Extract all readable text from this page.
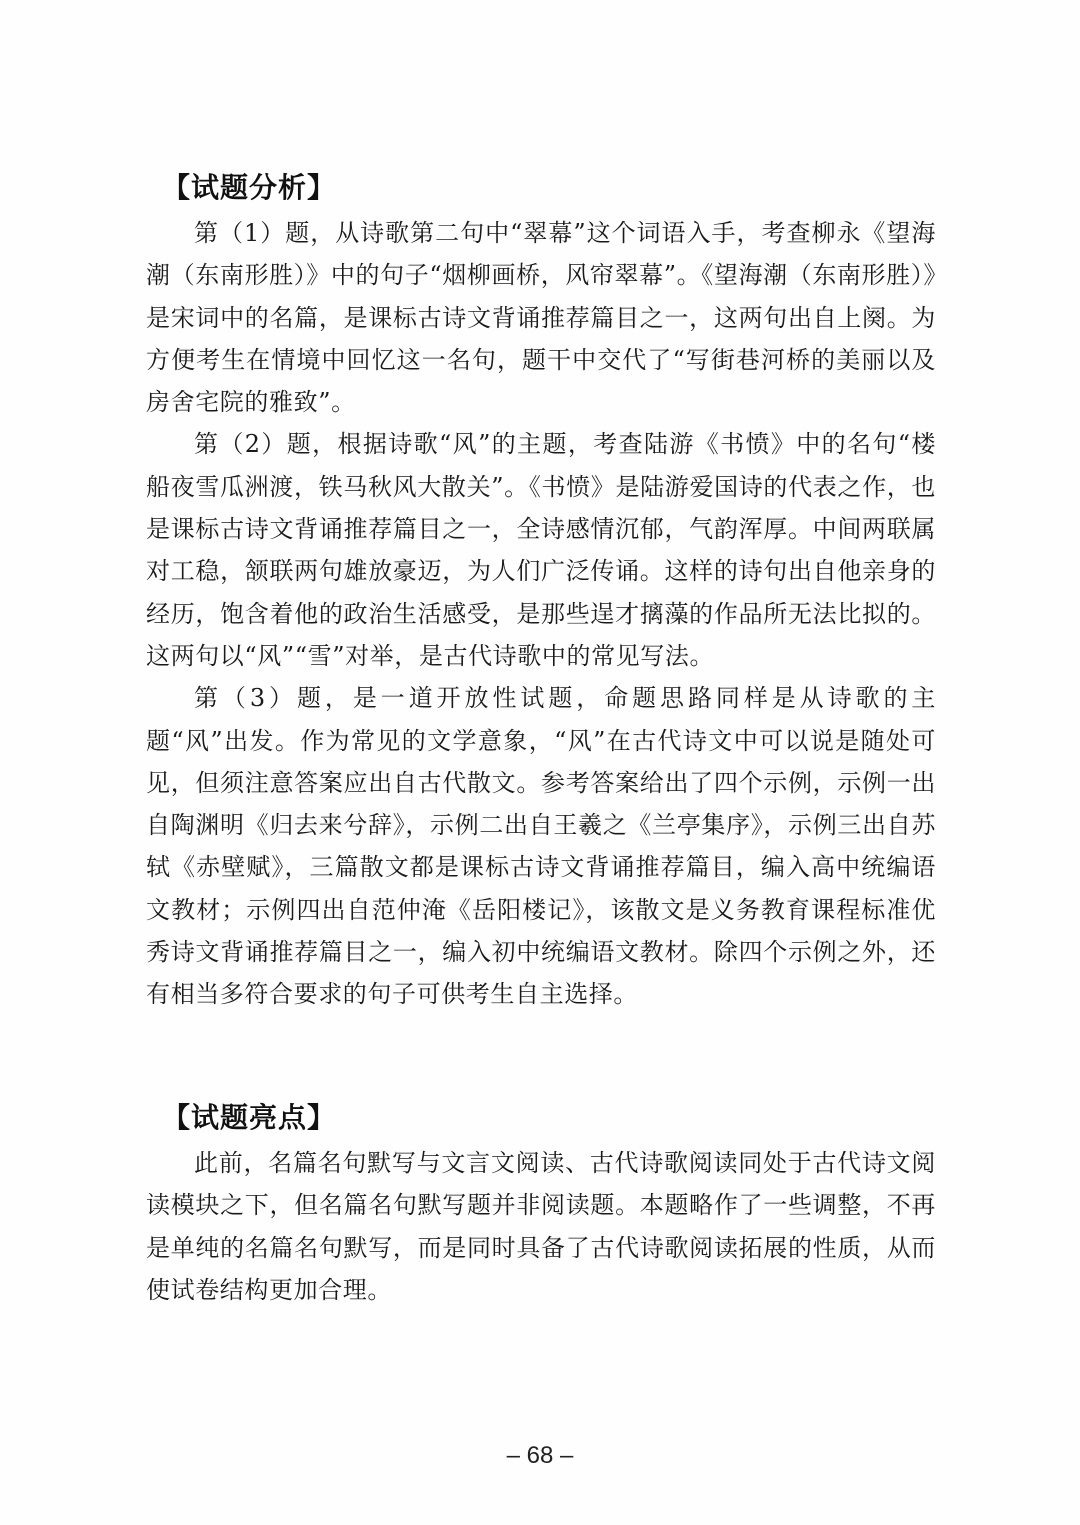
【试题分析】

第（1）题，从诗歌第二句中“翠幕”这个词语入手，考查柳永《望海潮（东南形胜）》中的句子“烟柳画桥，风帘翠幕”。《望海潮（东南形胜）》是宋词中的名篇，是课标古诗文背诵推荐篇目之一，这两句出自上阕。为方便考生在情境中回忆这一名句，题干中交代了“写街巷河桥的美丽以及房舍宅院的雅致”。

第（2）题，根据诗歌“风”的主题，考查陆游《书愤》中的名句“楼船夜雪瓜洲渡，铁马秋风大散关”。《书愤》是陆游爱国诗的代表之作，也是课标古诗文背诵推荐篇目之一，全诗感情沉郁，气韵浑厚。中间两联属对工稳，颔联两句雄放豪迈，为人们广泛传诵。这样的诗句出自他亲身的经历，饱含着他的政治生活感受，是那些逞才摛藻的作品所无法比拟的。这两句以“风”“雪”对举，是古代诗歌中的常见写法。

第（3）题，是一道开放性试题，命题思路同样是从诗歌的主题“风”出发。作为常见的文学意象，“风”在古代诗文中可以说是随处可见，但须注意答案应出自古代散文。参考答案给出了四个示例，示例一出自陶渊明《归去来兮辞》，示例二出自王羲之《兰亭集序》，示例三出自苏轼《赤壁赋》，三篇散文都是课标古诗文背诵推荐篇目，编入高中统编语文教材；示例四出自范仲淹《岳阳楼记》，该散文是义务教育课程标准优秀诗文背诵推荐篇目之一，编入初中统编语文教材。除四个示例之外，还有相当多符合要求的句子可供考生自主选择。

【试题亮点】

此前，名篇名句默写与文言文阅读、古代诗歌阅读同处于古代诗文阅读模块之下，但名篇名句默写题并非阅读题。本题略作了一些调整，不再是单纯的名篇名句默写，而是同时具备了古代诗歌阅读拓展的性质，从而使试卷结构更加合理。

– 68 –
